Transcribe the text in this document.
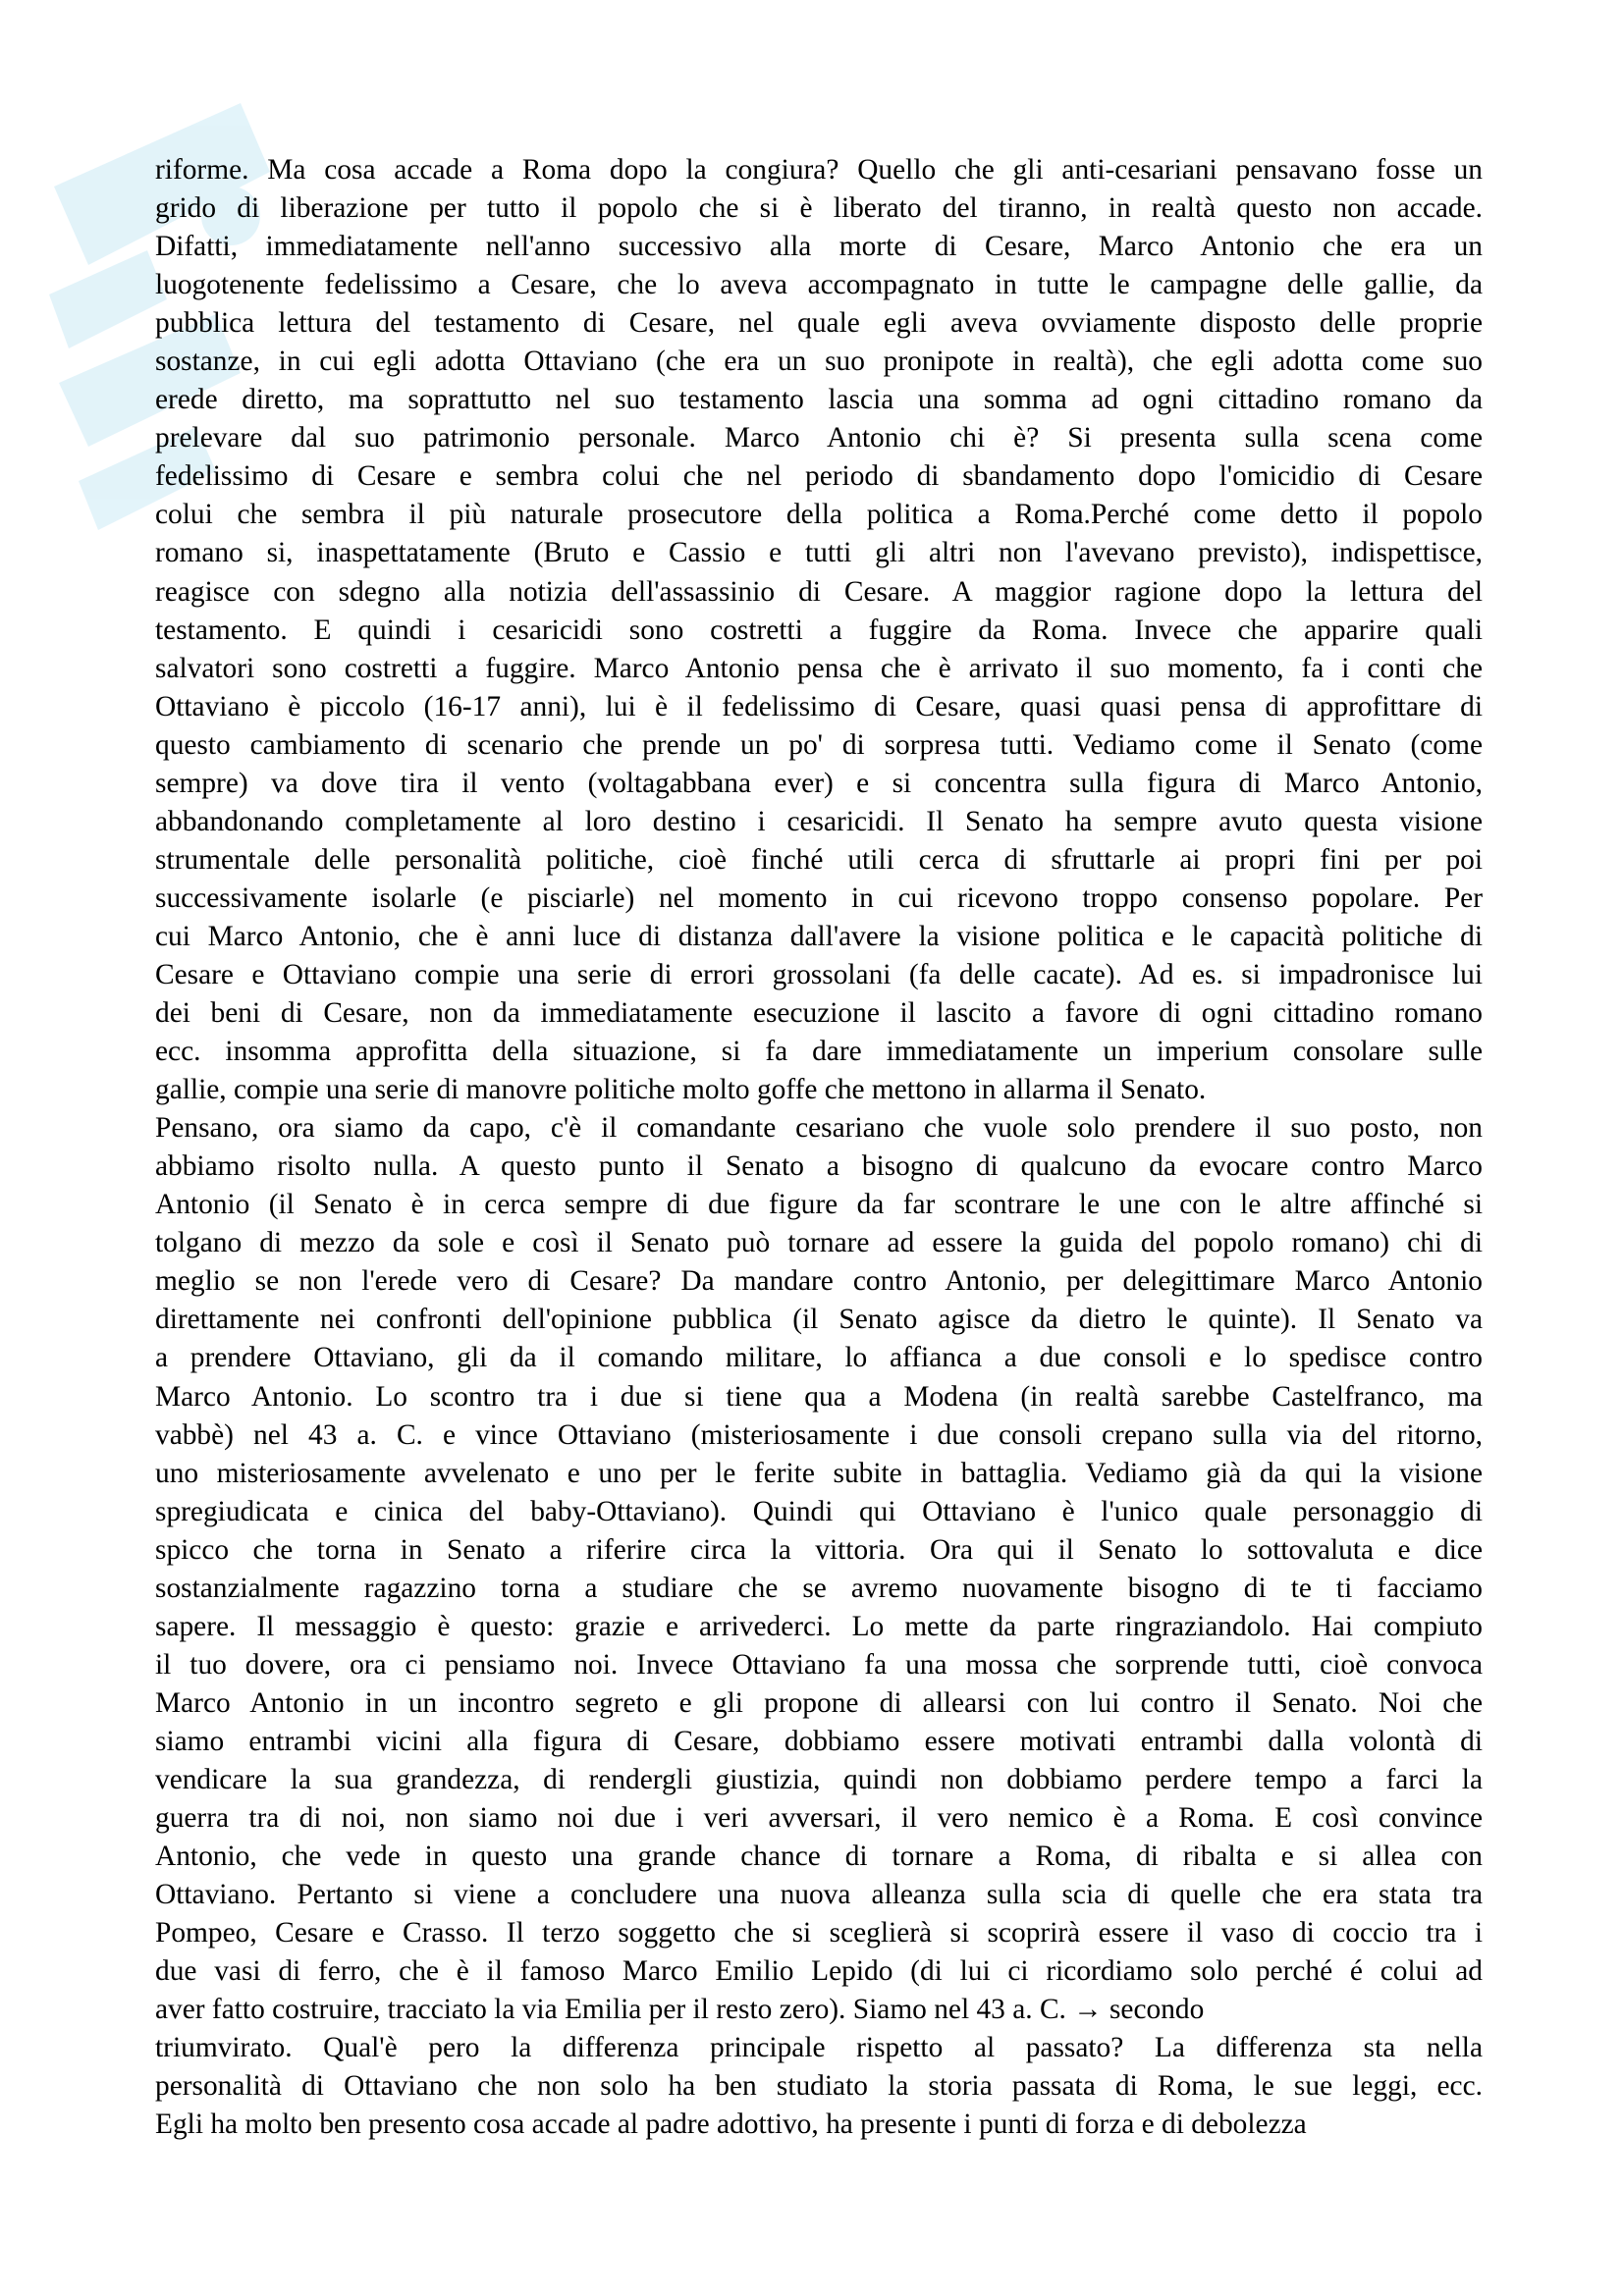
riforme. Ma cosa accade a Roma dopo la congiura? Quello che gli anti-cesariani pensavano fosse un
grido di liberazione per tutto il popolo che si è liberato del tiranno, in realtà questo non accade.
Difatti, immediatamente nell'anno successivo alla morte di Cesare, Marco Antonio che era un
luogotenente fedelissimo a Cesare, che lo aveva accompagnato in tutte le campagne delle gallie, da
pubblica lettura del testamento di Cesare, nel quale egli aveva ovviamente disposto delle proprie
sostanze, in cui egli adotta Ottaviano (che era un suo pronipote in realtà), che egli adotta come suo
erede diretto, ma soprattutto nel suo testamento lascia una somma ad ogni cittadino romano da
prelevare dal suo patrimonio personale. Marco Antonio chi è? Si presenta sulla scena come
fedelissimo di Cesare e sembra colui che nel periodo di sbandamento dopo l'omicidio di Cesare
colui che sembra il più naturale prosecutore della politica a Roma.Perché come detto il popolo
romano si, inaspettatamente (Bruto e Cassio e tutti gli altri non l'avevano previsto), indispettisce,
reagisce con sdegno alla notizia dell'assassinio di Cesare. A maggior ragione dopo la lettura del
testamento. E quindi i cesaricidi sono costretti a fuggire da Roma. Invece che apparire quali
salvatori sono costretti a fuggire. Marco Antonio pensa che è arrivato il suo momento, fa i conti che
Ottaviano è piccolo (16-17 anni), lui è il fedelissimo di Cesare, quasi quasi pensa di approfittare di
questo cambiamento di scenario che prende un po' di sorpresa tutti. Vediamo come il Senato (come
sempre) va dove tira il vento (voltagabbana ever) e si concentra sulla figura di Marco Antonio,
abbandonando completamente al loro destino i cesaricidi. Il Senato ha sempre avuto questa visione
strumentale delle personalità politiche, cioè finché utili cerca di sfruttarle ai propri fini per poi
successivamente isolarle (e pisciarle) nel momento in cui ricevono troppo consenso popolare. Per
cui Marco Antonio, che è anni luce di distanza dall'avere la visione politica e le capacità politiche di
Cesare e Ottaviano compie una serie di errori grossolani (fa delle cacate). Ad es. si impadronisce lui
dei beni di Cesare, non da immediatamente esecuzione il lascito a favore di ogni cittadino romano
ecc. insomma approfitta della situazione, si fa dare immediatamente un imperium consolare sulle
gallie, compie una serie di manovre politiche molto goffe che mettono in allarma il Senato.
Pensano, ora siamo da capo, c'è il comandante cesariano che vuole solo prendere il suo posto, non
abbiamo risolto nulla. A questo punto il Senato a bisogno di qualcuno da evocare contro Marco
Antonio (il Senato è in cerca sempre di due figure da far scontrare le une con le altre affinché si
tolgano di mezzo da sole e così il Senato può tornare ad essere la guida del popolo romano) chi di
meglio se non l'erede vero di Cesare? Da mandare contro Antonio, per delegittimare Marco Antonio
direttamente nei confronti dell'opinione pubblica (il Senato agisce da dietro le quinte). Il Senato va
a prendere Ottaviano, gli da il comando militare, lo affianca a due consoli e lo spedisce contro
Marco Antonio. Lo scontro tra i due si tiene qua a Modena (in realtà sarebbe Castelfranco, ma
vabbè) nel 43 a. C. e vince Ottaviano (misteriosamente i due consoli crepano sulla via del ritorno,
uno misteriosamente avvelenato e uno per le ferite subite in battaglia. Vediamo già da qui la visione
spregiudicata e cinica del baby-Ottaviano). Quindi qui Ottaviano è l'unico quale personaggio di
spicco che torna in Senato a riferire circa la vittoria. Ora qui il Senato lo sottovaluta e dice
sostanzialmente ragazzino torna a studiare che se avremo nuovamente bisogno di te ti facciamo
sapere. Il messaggio è questo: grazie e arrivederci. Lo mette da parte ringraziandolo. Hai compiuto
il tuo dovere, ora ci pensiamo noi. Invece Ottaviano fa una mossa che sorprende tutti, cioè convoca
Marco Antonio in un incontro segreto e gli propone di allearsi con lui contro il Senato. Noi che
siamo entrambi vicini alla figura di Cesare, dobbiamo essere motivati entrambi dalla volontà di
vendicare la sua grandezza, di rendergli giustizia, quindi non dobbiamo perdere tempo a farci la
guerra tra di noi, non siamo noi due i veri avversari, il vero nemico è a Roma. E così convince
Antonio, che vede in questo una grande chance di tornare a Roma, di ribalta e si allea con
Ottaviano. Pertanto si viene a concludere una nuova alleanza sulla scia di quelle che era stata tra
Pompeo, Cesare e Crasso. Il terzo soggetto che si sceglierà si scoprirà essere il vaso di coccio tra i
due vasi di ferro, che è il famoso Marco Emilio Lepido (di lui ci ricordiamo solo perché é colui ad
aver fatto costruire, tracciato la via Emilia per il resto zero). Siamo nel 43 a. C. → secondo
triumvirato. Qual'è pero la differenza principale rispetto al passato? La differenza sta nella
personalità di Ottaviano che non solo ha ben studiato la storia passata di Roma, le sue leggi, ecc.
Egli ha molto ben presento cosa accade al padre adottivo, ha presente i punti di forza e di debolezza
